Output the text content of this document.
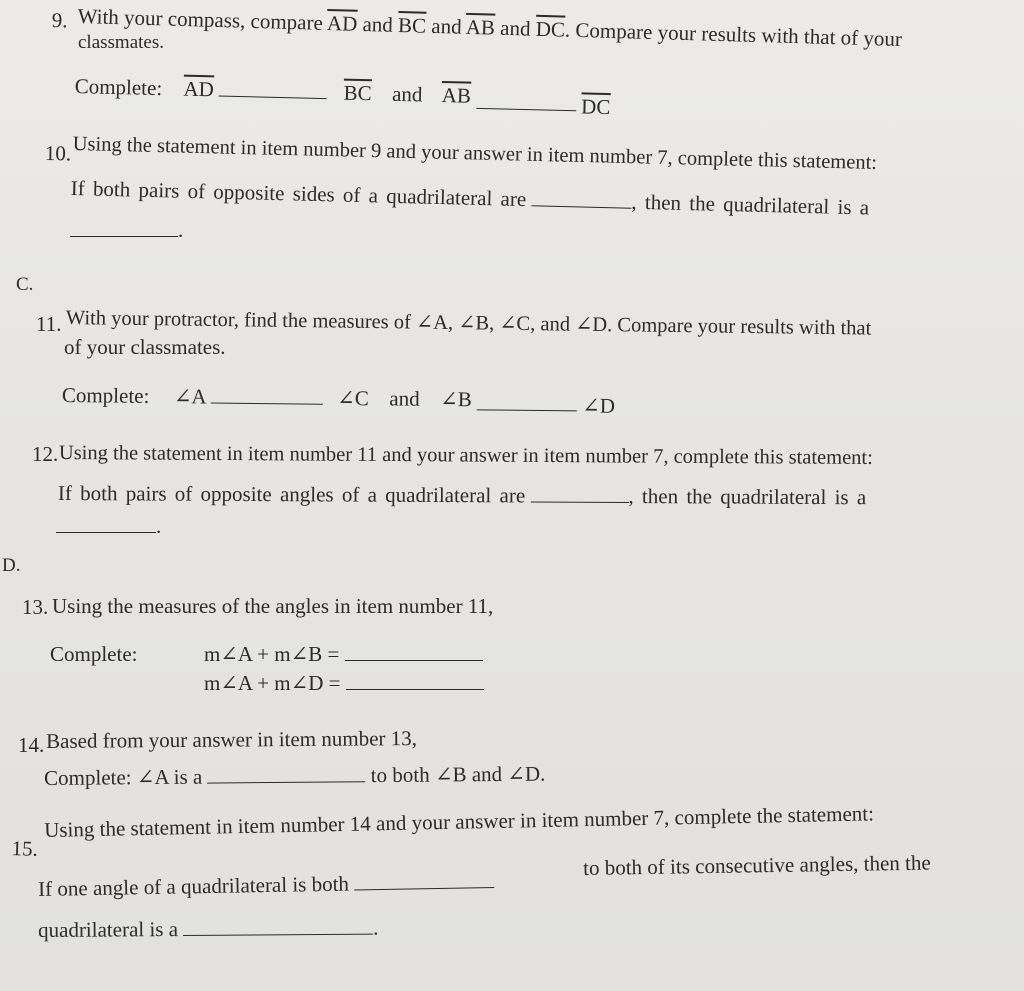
9. With your compass, compare $\overline{AD}$ and $\overline{BC}$ and $\overline{AB}$ and $\overline{DC}$. Compare your results with that of your
classmates.
Complete: $\overline{AD}$	$\overline{BC}$ and $\overline{AB}$	$\overline{DC}$
10. Using the statement in item number 9 and your answer in item number 7, complete this statement:
If both pairs of opposite sides of a quadrilateral are	, then the quadrilateral is a
.
C.
11. With your protractor, find the measures of ∠A, ∠B, ∠C, and ∠D. Compare your results with that
of your classmates.
Complete: ∠A	∠C and ∠B	∠D
12. Using the statement in item number 11 and your answer in item number 7, complete this statement:
If both pairs of opposite angles of a quadrilateral are	, then the quadrilateral is a
.
D.
13. Using the measures of the angles in item number 11,
Complete:	m∠A + m∠B =
m∠A + m∠D =
14. Based from your answer in item number 13,
Complete: ∠A is a	to both ∠B and ∠D.
15.
Using the statement in item number 14 and your answer in item number 7, complete the statement:
to both of its consecutive angles, then the
If one angle of a quadrilateral is both
quadrilateral is a	.
